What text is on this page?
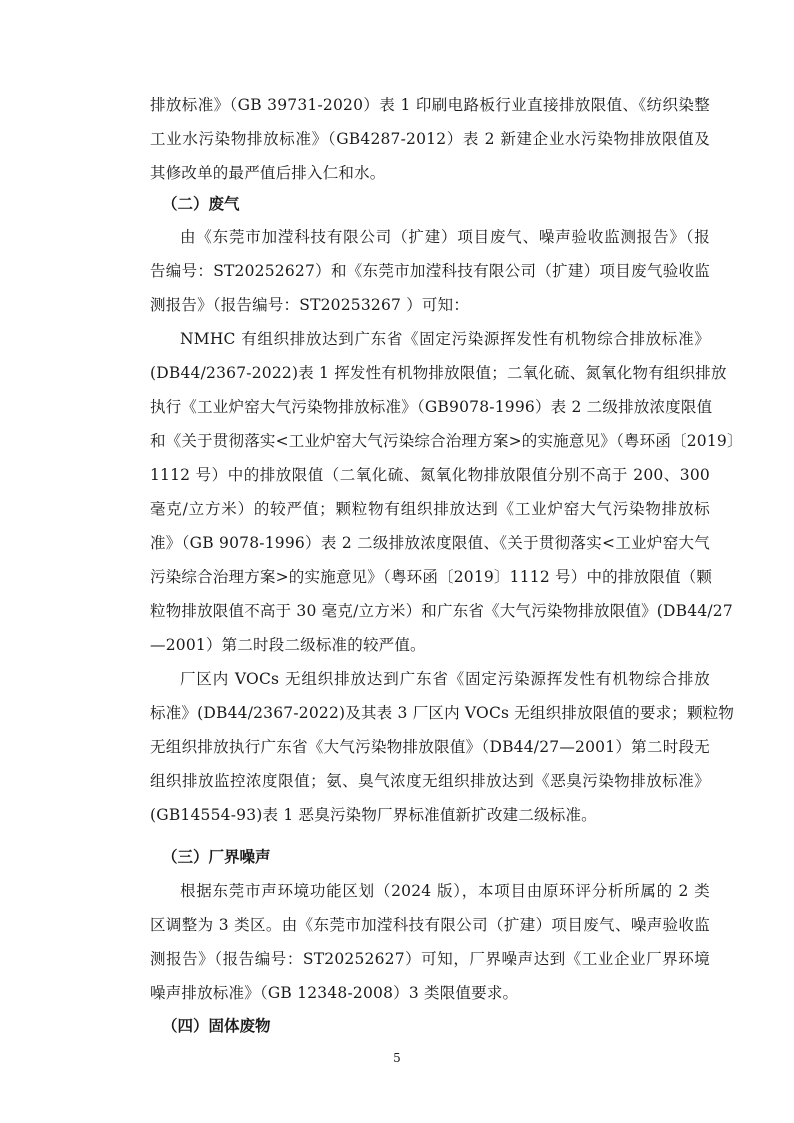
排放标准》（GB 39731-2020）表 1 印刷电路板行业直接排放限值、《纺织染整
工业水污染物排放标准》（GB4287-2012）表 2 新建企业水污染物排放限值及
其修改单的最严值后排入仁和水。
（二）废气
由《东莞市加滢科技有限公司（扩建）项目废气、噪声验收监测报告》（报
告编号：ST20252627）和《东莞市加滢科技有限公司（扩建）项目废气验收监
测报告》（报告编号：ST20253267 ）可知：
NMHC 有组织排放达到广东省《固定污染源挥发性有机物综合排放标准》
(DB44/2367-2022)表 1 挥发性有机物排放限值；二氧化硫、氮氧化物有组织排放
执行《工业炉窑大气污染物排放标准》（GB9078-1996）表 2 二级排放浓度限值
和《关于贯彻落实<工业炉窑大气污染综合治理方案>的实施意见》（粤环函〔2019〕
1112 号）中的排放限值（二氧化硫、氮氧化物排放限值分别不高于 200、300
毫克/立方米）的较严值；颗粒物有组织排放达到《工业炉窑大气污染物排放标
准》（GB 9078-1996）表 2 二级排放浓度限值、《关于贯彻落实<工业炉窑大气
污染综合治理方案>的实施意见》（粤环函〔2019〕1112 号）中的排放限值（颗
粒物排放限值不高于 30 毫克/立方米）和广东省《大气污染物排放限值》(DB44/27
—2001）第二时段二级标准的较严值。
厂区内 VOCs 无组织排放达到广东省《固定污染源挥发性有机物综合排放
标准》(DB44/2367-2022)及其表 3 厂区内 VOCs 无组织排放限值的要求；颗粒物
无组织排放执行广东省《大气污染物排放限值》（DB44/27—2001）第二时段无
组织排放监控浓度限值；氨、臭气浓度无组织排放达到《恶臭污染物排放标准》
(GB14554-93)表 1 恶臭污染物厂界标准值新扩改建二级标准。
（三）厂界噪声
根据东莞市声环境功能区划（2024 版），本项目由原环评分析所属的 2 类
区调整为 3 类区。由《东莞市加滢科技有限公司（扩建）项目废气、噪声验收监
测报告》（报告编号：ST20252627）可知，厂界噪声达到《工业企业厂界环境
噪声排放标准》（GB 12348-2008）3 类限值要求。
（四）固体废物
5
